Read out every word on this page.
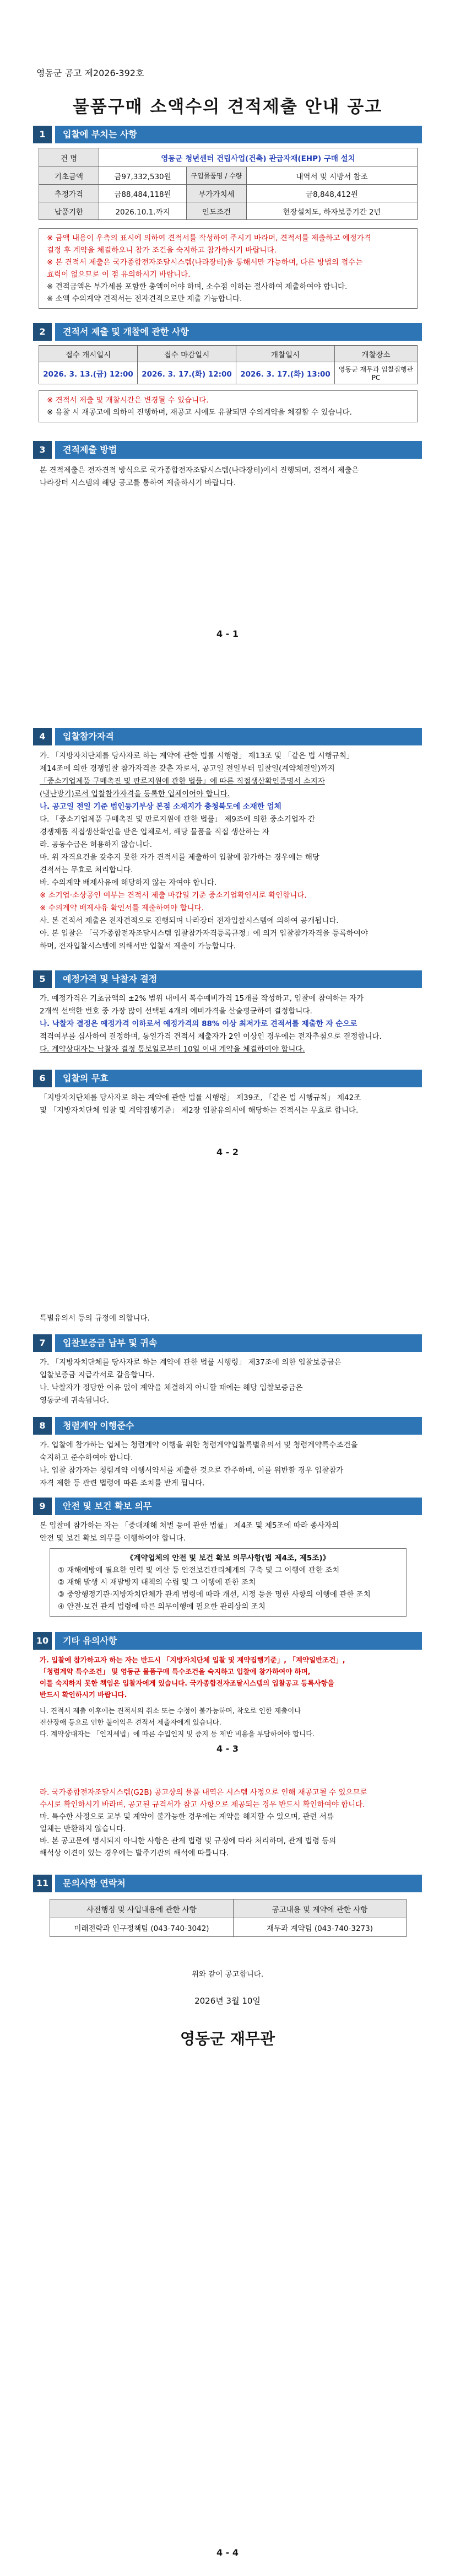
영동군 공고 제2026-392호
물품구매 소액수의 견적제출 안내 공고
1	입찰에 부치는 사항
건 명	영동군 청년센터 건립사업(건축) 관급자재(EHP) 구매 설치		
기초금액	금97,332,530원	구입물품명 / 수량	내역서 및 시방서 참조
추정가격	금88,484,118원	부가가치세	금8,848,412원
납품기한	2026.10.1.까지	인도조건	현장설치도, 하자보증기간 2년
※ 금액 내용이 우측의 표시에 의하여 견적서를 작성하여 주시기 바라며, 견적서를 제출하고 예정가격
결정 후 계약을 체결하오니 참가 조건을 숙지하고 참가하시기 바랍니다.
※ 본 견적서 제출은 국가종합전자조달시스템(나라장터)을 통해서만 가능하며, 다른 방법의 접수는
효력이 없으므로 이 점 유의하시기 바랍니다.
※ 견적금액은 부가세를 포함한 총액이어야 하며, 소수점 이하는 절사하여 제출하여야 합니다.
※ 소액 수의계약 견적서는 전자견적으로만 제출 가능합니다.
2	견적서 제출 및 개찰에 관한 사항
접수 개시일시	접수 마감일시	개찰일시	개찰장소
2026. 3. 13.(금) 12:00	2026. 3. 17.(화) 12:00	2026. 3. 17.(화) 13:00	영동군 재무과 입찰집행관 PC
※ 견적서 제출 및 개찰시간은 변경될 수 있습니다.
※ 유찰 시 재공고에 의하여 진행하며, 재공고 시에도 유찰되면 수의계약을 체결할 수 있습니다.
3	견적제출 방법
본 견적제출은 전자견적 방식으로 국가종합전자조달시스템(나라장터)에서 진행되며, 견적서 제출은
나라장터 시스템의 해당 공고를 통하여 제출하시기 바랍니다.
4 - 1
4	입찰참가자격
가. 「지방자치단체를 당사자로 하는 계약에 관한 법률 시행령」 제13조 및 「같은 법 시행규칙」
제14조에 의한 경쟁입찰 참가자격을 갖춘 자로서, 공고일 전일부터 입찰일(계약체결일)까지
「중소기업제품 구매촉진 및 판로지원에 관한 법률」에 따른 직접생산확인증명서 소지자
(냉난방기)로서 입찰참가자격을 등록한 업체이어야 합니다.
나. 공고일 전일 기준 법인등기부상 본점 소재지가 충청북도에 소재한 업체
다. 「중소기업제품 구매촉진 및 판로지원에 관한 법률」 제9조에 의한 중소기업자 간
경쟁제품 직접생산확인을 받은 업체로서, 해당 물품을 직접 생산하는 자
라. 공동수급은 허용하지 않습니다.
마. 위 자격요건을 갖추지 못한 자가 견적서를 제출하여 입찰에 참가하는 경우에는 해당
견적서는 무효로 처리합니다.
바. 수의계약 배제사유에 해당하지 않는 자여야 합니다.
※ 소기업·소상공인 여부는 견적서 제출 마감일 기준 중소기업확인서로 확인합니다.
※ 수의계약 배제사유 확인서를 제출하여야 합니다.
사. 본 견적서 제출은 전자견적으로 진행되며 나라장터 전자입찰시스템에 의하여 공개됩니다.
아. 본 입찰은 「국가종합전자조달시스템 입찰참가자격등록규정」에 의거 입찰참가자격을 등록하여야
하며, 전자입찰시스템에 의해서만 입찰서 제출이 가능합니다.
5	예정가격 및 낙찰자 결정
가. 예정가격은 기초금액의 ±2% 범위 내에서 복수예비가격 15개를 작성하고, 입찰에 참여하는 자가
2개씩 선택한 번호 중 가장 많이 선택된 4개의 예비가격을 산술평균하여 결정합니다.
나. 낙찰자 결정은 예정가격 이하로서 예정가격의 88% 이상 최저가로 견적서를 제출한 자 순으로
적격여부를 심사하여 결정하며, 동일가격 견적서 제출자가 2인 이상인 경우에는 전자추첨으로 결정합니다.
다. 계약상대자는 낙찰자 결정 통보일로부터 10일 이내 계약을 체결하여야 합니다.
6	입찰의 무효
「지방자치단체를 당사자로 하는 계약에 관한 법률 시행령」 제39조, 「같은 법 시행규칙」 제42조
및 「지방자치단체 입찰 및 계약집행기준」 제2장 입찰유의서에 해당하는 견적서는 무효로 합니다.
4 - 2
특별유의서 등의 규정에 의합니다.
7	입찰보증금 납부 및 귀속
가. 「지방자치단체를 당사자로 하는 계약에 관한 법률 시행령」 제37조에 의한 입찰보증금은
입찰보증금 지급각서로 갈음합니다.
나. 낙찰자가 정당한 이유 없이 계약을 체결하지 아니할 때에는 해당 입찰보증금은
영동군에 귀속됩니다.
8	청렴계약 이행준수
가. 입찰에 참가하는 업체는 청렴계약 이행을 위한 청렴계약입찰특별유의서 및 청렴계약특수조건을
숙지하고 준수하여야 합니다.
나. 입찰 참가자는 청렴계약 이행서약서를 제출한 것으로 간주하며, 이를 위반할 경우 입찰참가
자격 제한 등 관련 법령에 따른 조치를 받게 됩니다.
9	안전 및 보건 확보 의무
본 입찰에 참가하는 자는 「중대재해 처벌 등에 관한 법률」 제4조 및 제5조에 따라 종사자의
안전 및 보건 확보 의무를 이행하여야 합니다.
《계약업체의 안전 및 보건 확보 의무사항(법 제4조, 제5조)》
① 재해예방에 필요한 인력 및 예산 등 안전보건관리체계의 구축 및 그 이행에 관한 조치
② 재해 발생 시 재발방지 대책의 수립 및 그 이행에 관한 조치
③ 중앙행정기관·지방자치단체가 관계 법령에 따라 개선, 시정 등을 명한 사항의 이행에 관한 조치
④ 안전·보건 관계 법령에 따른 의무이행에 필요한 관리상의 조치
10	기타 유의사항
가. 입찰에 참가하고자 하는 자는 반드시 「지방자치단체 입찰 및 계약집행기준」, 「계약일반조건」,
「청렴계약 특수조건」 및 영동군 물품구매 특수조건을 숙지하고 입찰에 참가하여야 하며,
이를 숙지하지 못한 책임은 입찰자에게 있습니다. 국가종합전자조달시스템의 입찰공고 등록사항을
반드시 확인하시기 바랍니다.
나. 견적서 제출 이후에는 견적서의 취소 또는 수정이 불가능하며, 착오로 인한 제출이나
전산장애 등으로 인한 불이익은 견적서 제출자에게 있습니다.
다. 계약상대자는 「인지세법」에 따른 수입인지 및 증지 등 제반 비용을 부담하여야 합니다.
4 - 3
라. 국가종합전자조달시스템(G2B) 공고상의 물품 내역은 시스템 사정으로 인해 재공고될 수 있으므로
수시로 확인하시기 바라며, 공고된 규격서가 참고 사항으로 제공되는 경우 반드시 확인하여야 합니다.
마. 특수한 사정으로 교부 및 계약이 불가능한 경우에는 계약을 해지할 수 있으며, 관련 서류
일체는 반환하지 않습니다.
바. 본 공고문에 명시되지 아니한 사항은 관계 법령 및 규정에 따라 처리하며, 관계 법령 등의
해석상 이견이 있는 경우에는 발주기관의 해석에 따릅니다.
11	문의사항 연락처
사전행정 및 사업내용에 관한 사항	공고내용 및 계약에 관한 사항
미래전략과 인구정책팀 (043-740-3042)	재무과 계약팀 (043-740-3273)
위와 같이 공고합니다.
2026년 3월 10일
영동군 재무관
4 - 4
